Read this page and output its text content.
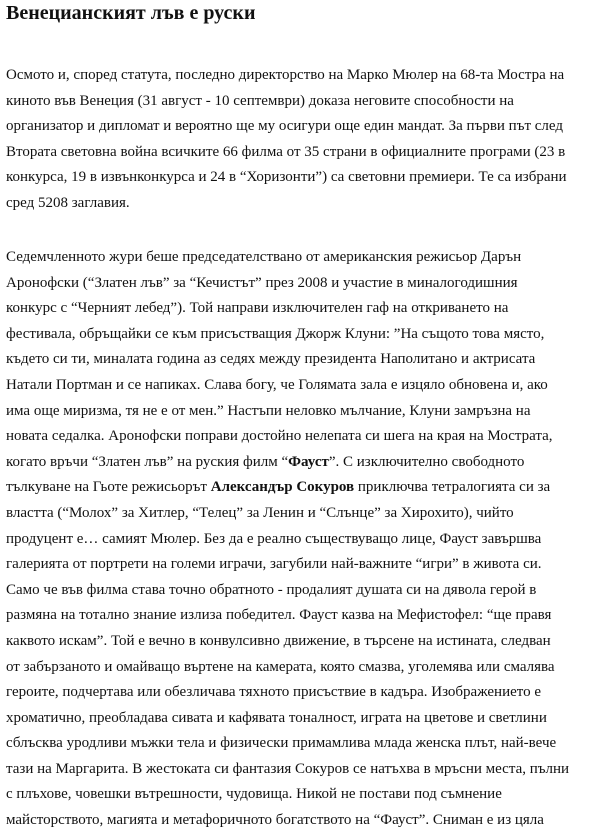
Венецианският лъв е руски
Осмото и, според статута, последно директорство на Марко Мюлер на 68-та Мостра на
киното във Венеция (31 август - 10 септември) доказа неговите способности на
организатор и дипломат и вероятно ще му осигури още един мандат. За първи път след
Втората световна война всичките 66 филма от 35 страни в официалните програми (23 в
конкурса, 19 в извънконкурса и 24 в “Хоризонти”) са световни премиери. Те са избрани
сред 5208 заглавия.
Седемчленното жури беше председателствано от американския режисьор Дарън
Аронофски (“Златен лъв” за “Кечистът” през 2008 и участие в миналогодишния
конкурс с “Черният лебед”). Той направи изключителен гаф на откриването на
фестивала, обръщайки се към присъстващия Джорж Клуни: ”На същото това място,
където си ти, миналата година аз седях между президента Наполитано и актрисата
Натали Портман и се напиках. Слава богу, че Голямата зала е изцяло обновена и, ако
има още миризма, тя не е от мен.” Настъпи неловко мълчание, Клуни замръзна на
новата седалка. Аронофски поправи достойно нелепата си шега на края на Мострата,
когато връчи “Златен лъв” на руския филм “Фауст”. С изключително свободното
тълкуване на Гьоте режисьорът Александър Сокуров приключва тетралогията си за
властта (“Молох” за Хитлер, “Телец” за Ленин и “Слънце” за Хирохито), чийто
продуцент е… самият Мюлер. Без да е реално съществуващо лице, Фауст завършва
галерията от портрети на големи играчи, загубили най-важните “игри” в живота си.
Само че във филма става точно обратното - продалият душата си на дявола герой в
размяна на тотално знание излиза победител. Фауст казва на Мефистофел: “ще правя
каквото искам”. Той е вечно в конвулсивно движение, в търсене на истината, следван
от забързаното и омайващо въртене на камерата, която смазва, уголемява или смалява
героите, подчертава или обезличава тяхното присъствие в кадъра. Изображението е
хроматично, преобладава сивата и кафявата тоналност, играта на цветове и светлини
сблъсква уродливи мъжки тела и физически примамлива млада женска плът, най-вече
тази на Маргарита. В жестоката си фантазия Сокуров се натъхва в мръсни места, пълни
с плъхове, човешки вътрешности, чудовища. Никой не постави под съмнение
майсторството, магията и метафоричното богатството на “Фауст”. Сниман е из цяла
